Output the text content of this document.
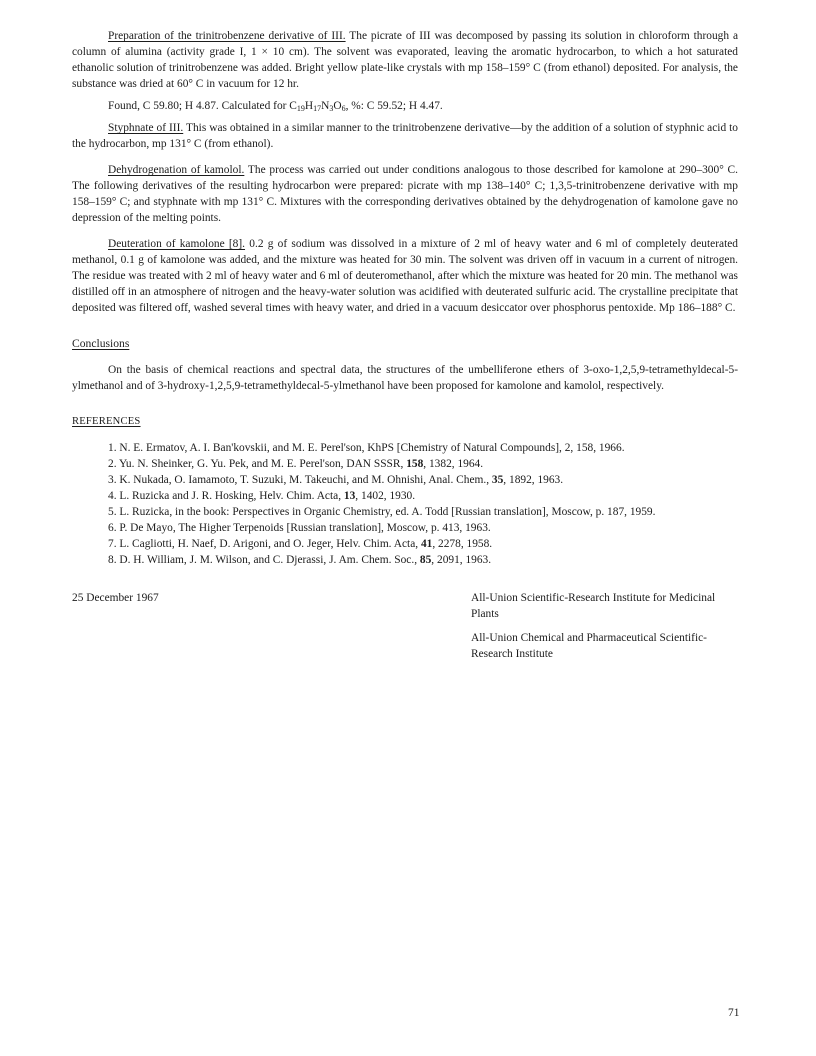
Preparation of the trinitrobenzene derivative of III. The picrate of III was decomposed by passing its solution in chloroform through a column of alumina (activity grade I, 1 × 10 cm). The solvent was evaporated, leaving the aromatic hydrocarbon, to which a hot saturated ethanolic solution of trinitrobenzene was added. Bright yellow plate-like crystals with mp 158–159° C (from ethanol) deposited. For analysis, the substance was dried at 60° C in vacuum for 12 hr.

Found, C 59.80; H 4.87. Calculated for $C_{19}H_{17}N_3O_6$, %: C 59.52; H 4.47.

Styphnate of III. This was obtained in a similar manner to the trinitrobenzene derivative—by the addition of a solution of styphnic acid to the hydrocarbon, mp 131° C (from ethanol).

Dehydrogenation of kamolol. The process was carried out under conditions analogous to those described for kamolone at 290–300° C. The following derivatives of the resulting hydrocarbon were prepared: picrate with mp 138–140° C; 1,3,5-trinitrobenzene derivative with mp 158–159° C; and styphnate with mp 131° C. Mixtures with the corresponding derivatives obtained by the dehydrogenation of kamolone gave no depression of the melting points.

Deuteration of kamolone [8]. 0.2 g of sodium was dissolved in a mixture of 2 ml of heavy water and 6 ml of completely deuterated methanol, 0.1 g of kamolone was added, and the mixture was heated for 30 min. The solvent was driven off in vacuum in a current of nitrogen. The residue was treated with 2 ml of heavy water and 6 ml of deuteromethanol, after which the mixture was heated for 20 min. The methanol was distilled off in an atmosphere of nitrogen and the heavy-water solution was acidified with deuterated sulfuric acid. The crystalline precipitate that deposited was filtered off, washed several times with heavy water, and dried in a vacuum desiccator over phosphorus pentoxide. Mp 186–188° C.

Conclusions

On the basis of chemical reactions and spectral data, the structures of the umbelliferone ethers of 3-oxo-1,2,5,9-tetramethyldecal-5-ylmethanol and of 3-hydroxy-1,2,5,9-tetramethyldecal-5-ylmethanol have been proposed for kamolone and kamolol, respectively.

REFERENCES
1. N. E. Ermatov, A. I. Ban'kovskii, and M. E. Perel'son, KhPS [Chemistry of Natural Compounds], 2, 158, 1966.
2. Yu. N. Sheinker, G. Yu. Pek, and M. E. Perel'son, DAN SSSR, 158, 1382, 1964.
3. K. Nukada, O. Iamamoto, T. Suzuki, M. Takeuchi, and M. Ohnishi, Anal. Chem., 35, 1892, 1963.
4. L. Ruzicka and J. R. Hosking, Helv. Chim. Acta, 13, 1402, 1930.
5. L. Ruzicka, in the book: Perspectives in Organic Chemistry, ed. A. Todd [Russian translation], Moscow, p. 187, 1959.
6. P. De Mayo, The Higher Terpenoids [Russian translation], Moscow, p. 413, 1963.
7. L. Cagliotti, H. Naef, D. Arigoni, and O. Jeger, Helv. Chim. Acta, 41, 2278, 1958.
8. D. H. William, J. M. Wilson, and C. Djerassi, J. Am. Chem. Soc., 85, 2091, 1963.
25 December 1967	All-Union Scientific-Research Institute for Medicinal Plants

All-Union Chemical and Pharmaceutical Scientific-Research Institute

71
